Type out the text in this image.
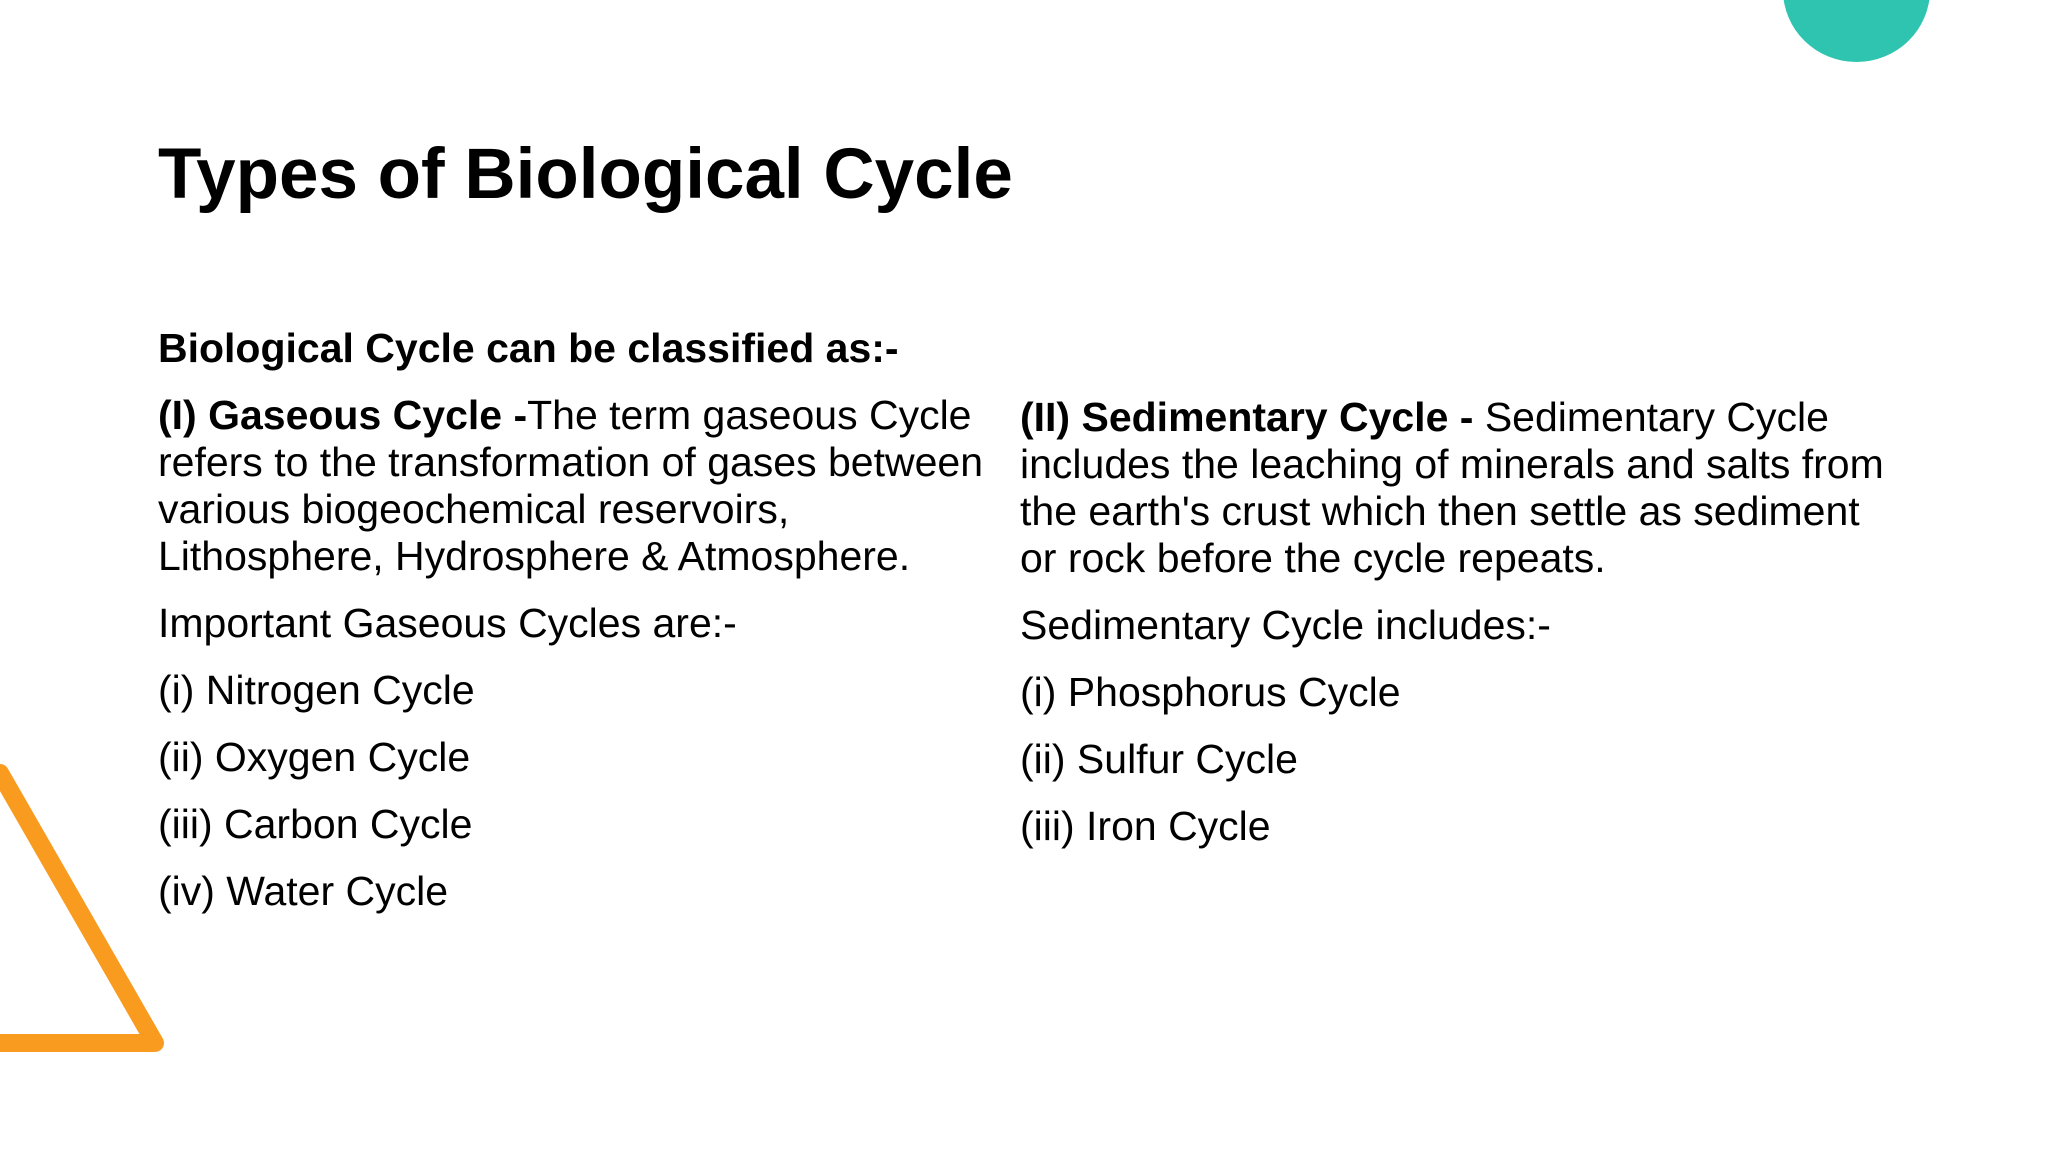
Types of Biological Cycle

Biological Cycle can be classified as:-

(I) Gaseous Cycle -The term gaseous Cycle refers to the transformation of gases between various biogeochemical reservoirs, Lithosphere, Hydrosphere & Atmosphere.

Important Gaseous Cycles are:-

(i) Nitrogen Cycle

(ii) Oxygen Cycle

(iii) Carbon Cycle

(iv) Water Cycle

(II) Sedimentary Cycle - Sedimentary Cycle includes the leaching of minerals and salts from the earth's crust which then settle as sediment or rock before the cycle repeats.

Sedimentary Cycle includes:-

(i) Phosphorus Cycle

(ii) Sulfur Cycle

(iii) Iron Cycle
